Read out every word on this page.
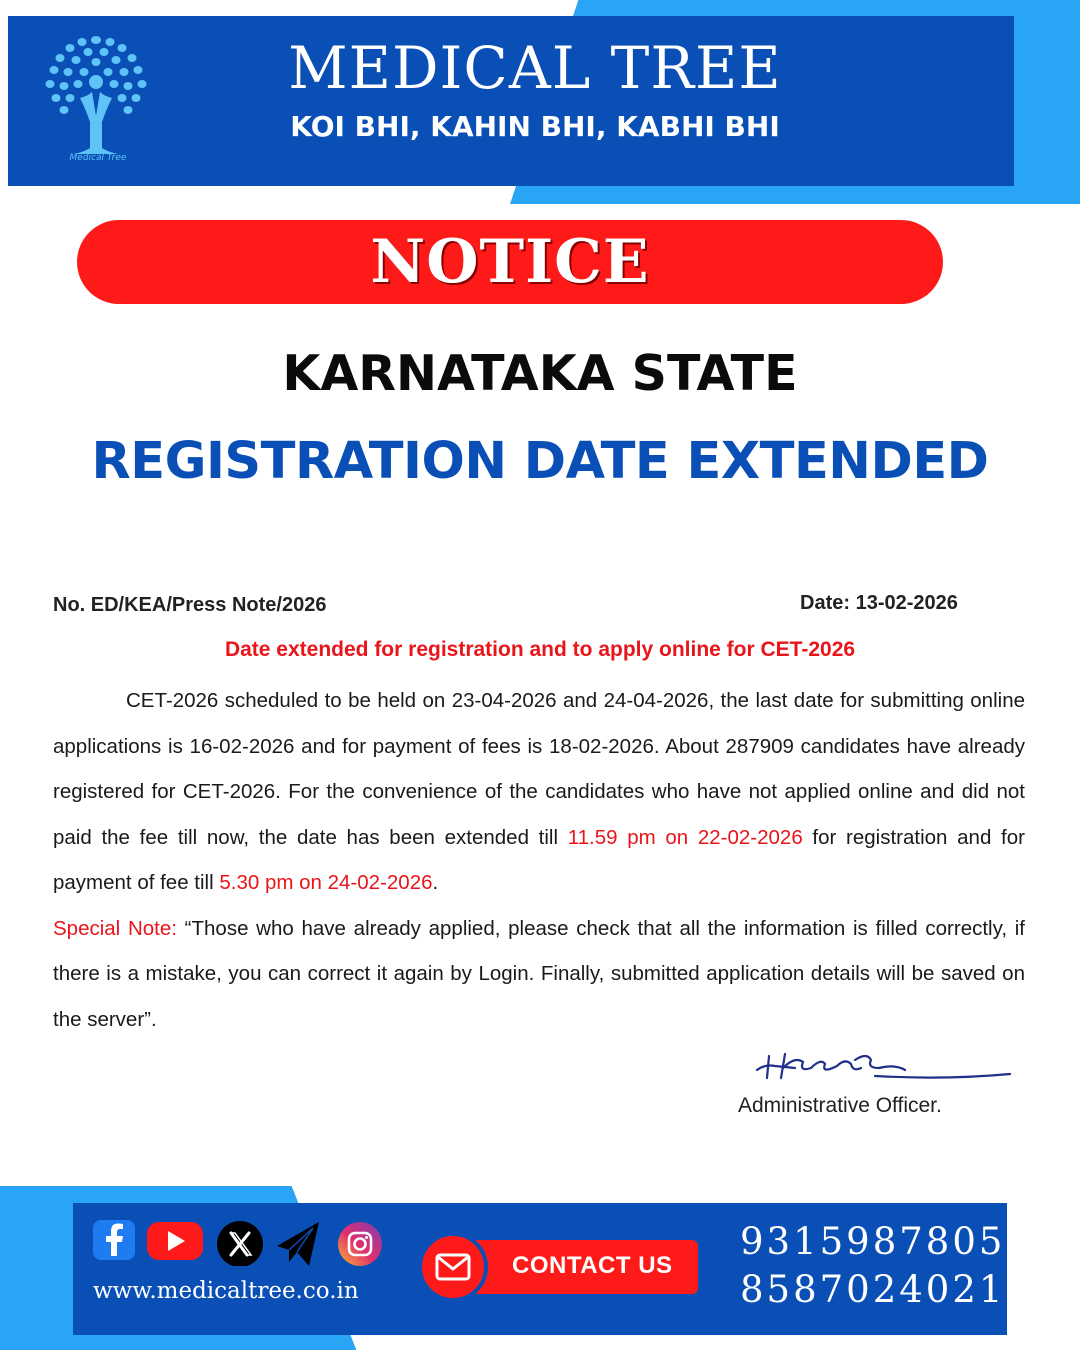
Medical Tree
MEDICAL TREE
KOI BHI, KAHIN BHI, KABHI BHI
NOTICE
KARNATAKA STATE
REGISTRATION DATE EXTENDED
No. ED/KEA/Press Note/2026	Date: 13-02-2026
Date extended for registration and to apply online for CET-2026

CET-2026 scheduled to be held on 23-04-2026 and 24-04-2026, the last date for submitting online applications is 16-02-2026 and for payment of fees is 18-02-2026. About 287909 candidates have already registered for CET-2026. For the convenience of the candidates who have not applied online and did not paid the fee till now, the date has been extended till 11.59 pm on 22-02-2026 for registration and for payment of fee till 5.30 pm on 24-02-2026.

Special Note: “Those who have already applied, please check that all the information is filled correctly, if there is a mistake, you can correct it again by Login. Finally, submitted application details will be saved on the server”.

Administrative Officer.
www.medicaltree.co.in
CONTACT US
9315987805
8587024021
